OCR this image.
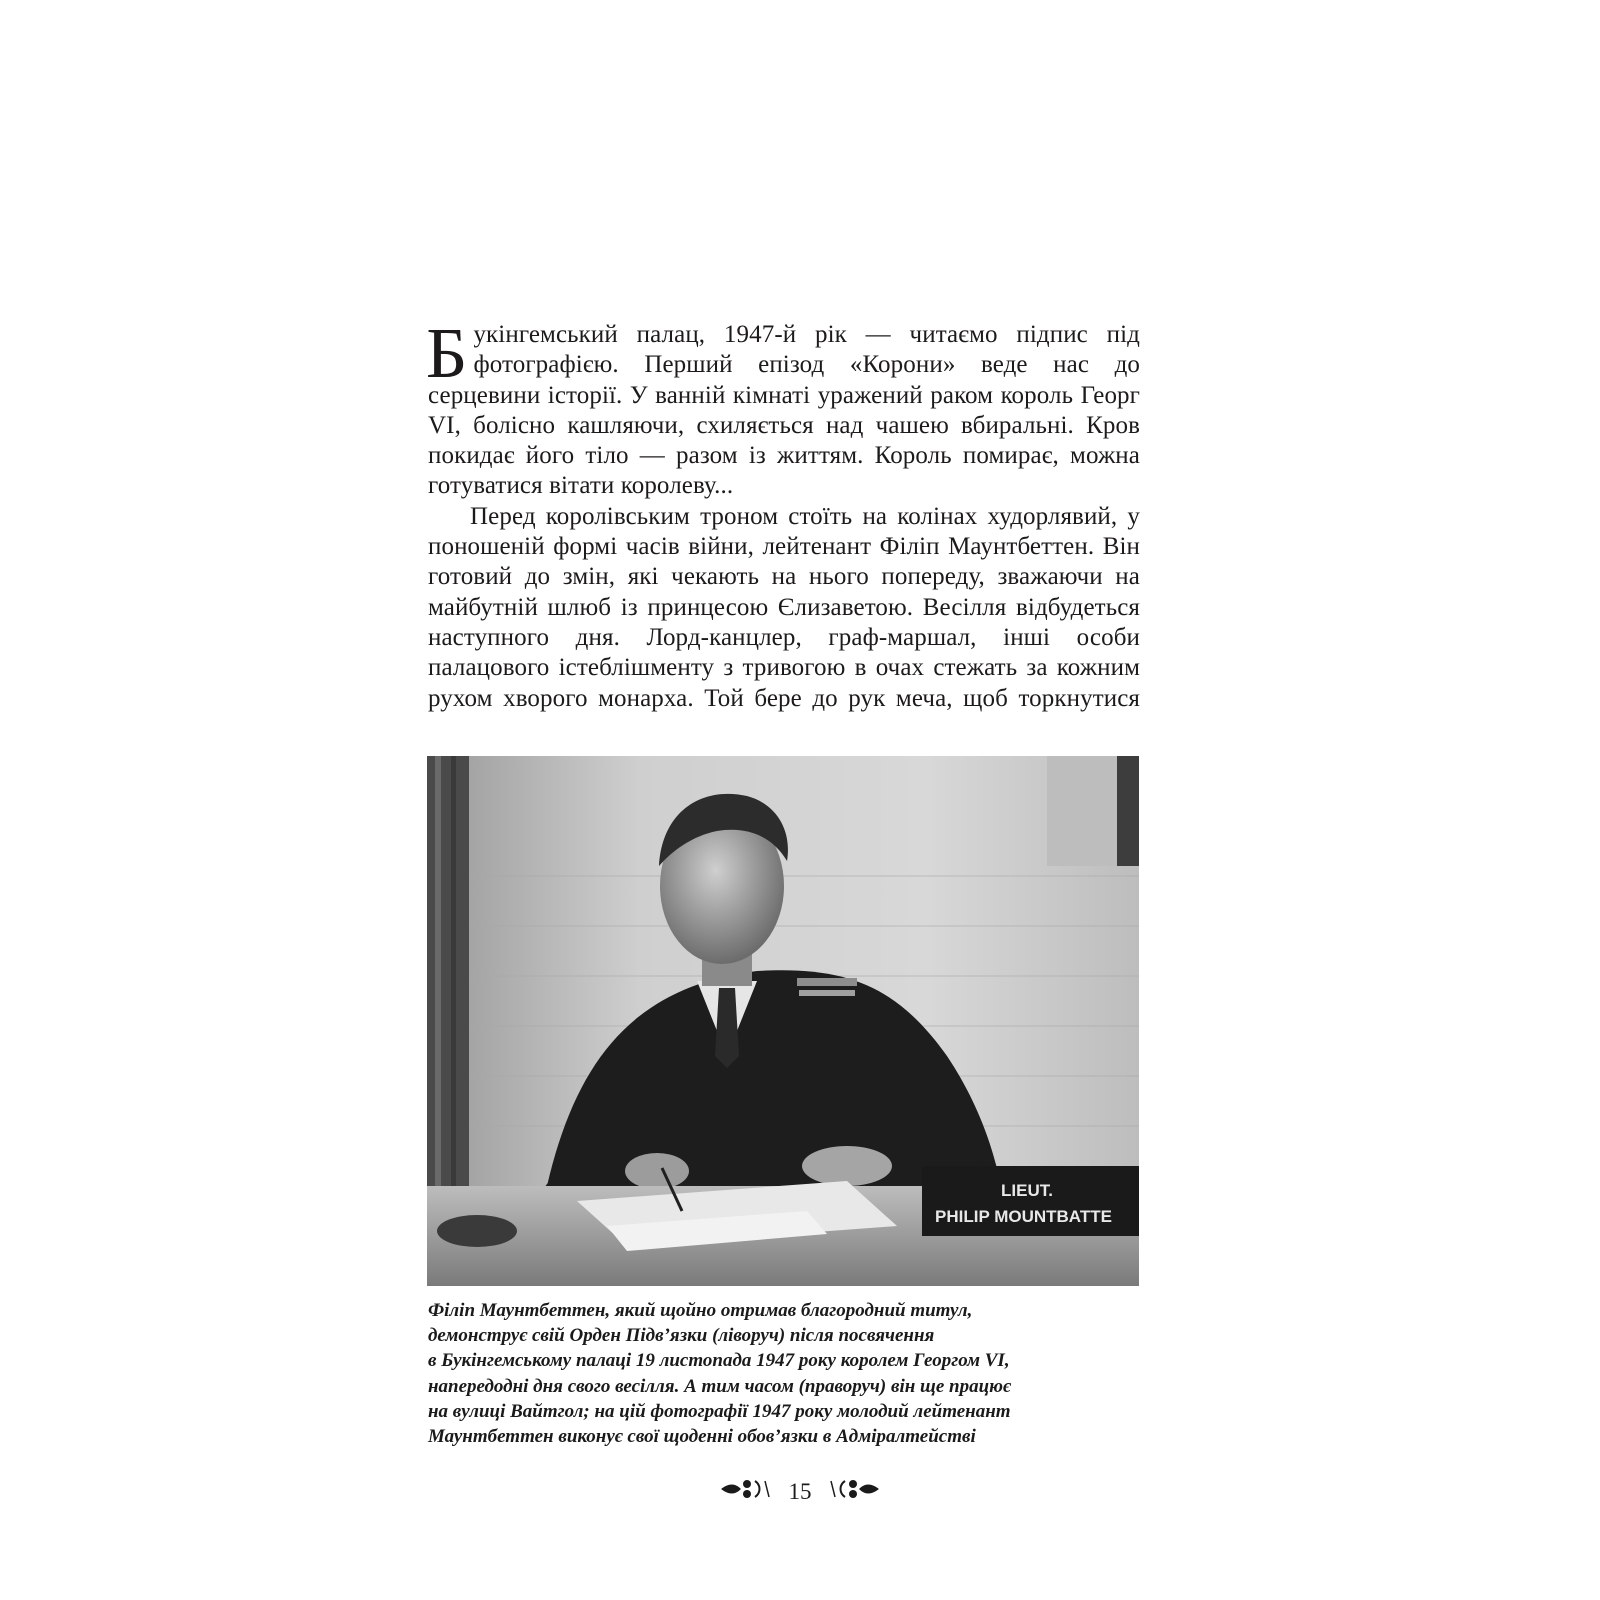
Букінгемський палац, 1947-й рік — читаємо підпис під фотографією. Перший епізод «Корони» веде нас до серцевини історії. У ванній кімнаті уражений раком король Георг VI, болісно кашляючи, схиляється над чашею вбиральні. Кров покидає його тіло — разом із життям. Король помирає, можна готуватися вітати королеву...

Перед королівським троном стоїть на колінах худорлявий, у поношеній формі часів війни, лейтенант Філіп Маунтбеттен. Він готовий до змін, які чекають на нього попереду, зважаючи на майбутній шлюб із принцесою Єлизаветою. Весілля відбудеться наступного дня. Лорд-канцлер, граф-маршал, інші особи палацового істеблішменту з тривогою в очах стежать за кожним рухом хворого монарха. Той бере до рук меча, щоб торкнутися

LIEUT.
PHILIP MOUNTBATTE
Філіп Маунтбеттен, який щойно отримав благородний титул,
демонструє свій Орден Підв’язки (ліворуч) після посвячення
в Букінгемському палаці 19 листопада 1947 року королем Георгом VI,
напередодні дня свого весілля. А тим часом (праворуч) він ще працює
на вулиці Вайтгол; на цій фотографії 1947 року молодий лейтенант
Маунтбеттен виконує свої щоденні обов’язки в Адміралтействі
15
